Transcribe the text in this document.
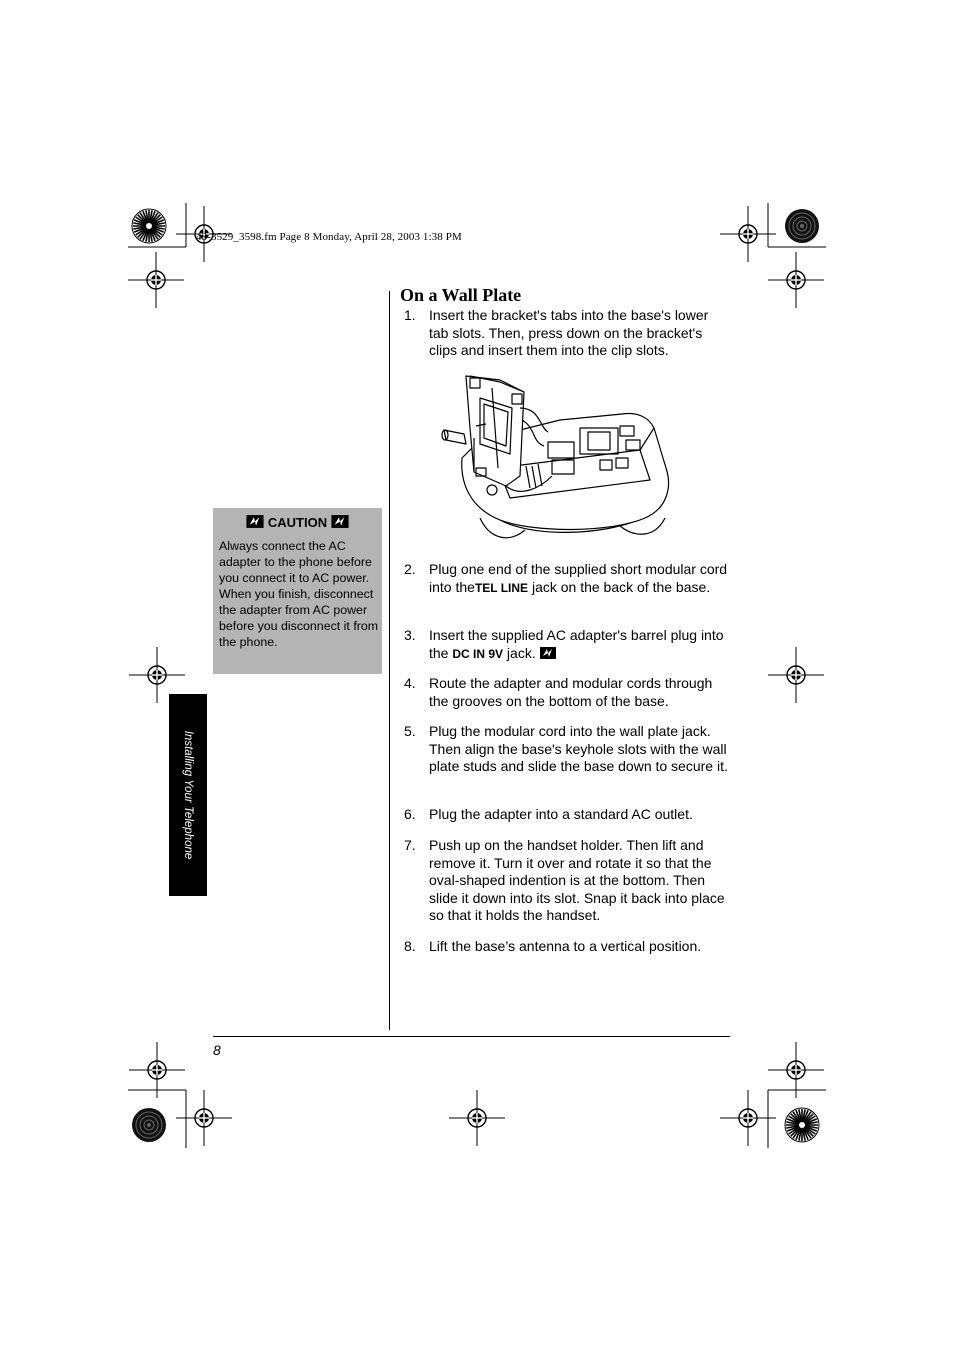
43-3529_3598.fm Page 8 Monday, April 28, 2003 1:38 PM
8
On a Wall Plate
1. Insert the bracket's tabs into the base's lower tab slots. Then, press down on the bracket's clips and insert them into the clip slots.
2. Plug one end of the supplied short modular cord into theTEL LINE jack on the back of the base.
3. Insert the supplied AC adapter's barrel plug into the DC IN 9V jack.
4. Route the adapter and modular cords through the grooves on the bottom of the base.
5. Plug the modular cord into the wall plate jack. Then align the base's keyhole slots with the wall plate studs and slide the base down to secure it.
6. Plug the adapter into a standard AC outlet.
7. Push up on the handset holder. Then lift and remove it. Turn it over and rotate it so that the oval-shaped indention is at the bottom. Then slide it down into its slot. Snap it back into place so that it holds the handset.
8. Lift the base’s antenna to a vertical position.
CAUTION
Always connect the AC adapter to the phone before you connect it to AC power. When you finish, disconnect the adapter from AC power before you disconnect it from the phone.
Installing Your Telephone
